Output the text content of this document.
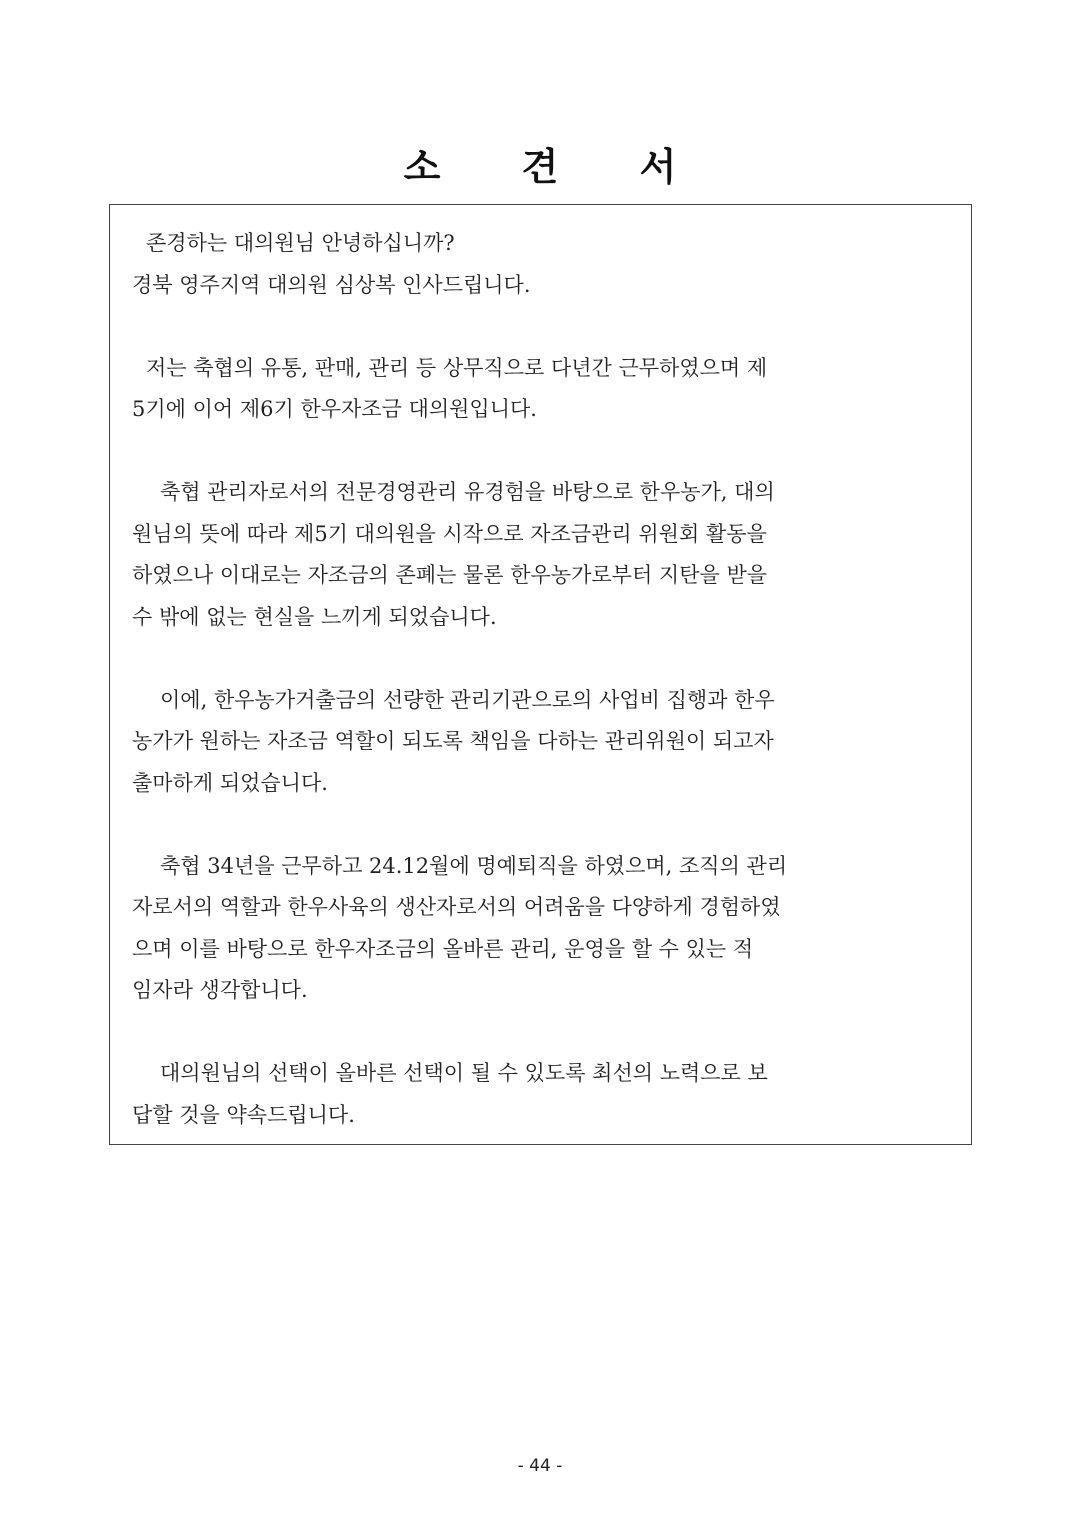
소 견 서

존경하는 대의원님 안녕하십니까?
경북 영주지역 대의원 심상복 인사드립니다.

저는 축협의 유통, 판매, 관리 등 상무직으로 다년간 근무하였으며 제
5기에 이어 제6기 한우자조금 대의원입니다.

축협 관리자로서의 전문경영관리 유경험을 바탕으로 한우농가, 대의
원님의 뜻에 따라 제5기 대의원을 시작으로 자조금관리 위원회 활동을
하였으나 이대로는 자조금의 존폐는 물론 한우농가로부터 지탄을 받을
수 밖에 없는 현실을 느끼게 되었습니다.

이에, 한우농가거출금의 선량한 관리기관으로의 사업비 집행과 한우
농가가 원하는 자조금 역할이 되도록 책임을 다하는 관리위원이 되고자
출마하게 되었습니다.

축협 34년을 근무하고 24.12월에 명예퇴직을 하였으며, 조직의 관리
자로서의 역할과 한우사육의 생산자로서의 어려움을 다양하게 경험하였
으며 이를 바탕으로 한우자조금의 올바른 관리, 운영을 할 수 있는 적
임자라 생각합니다.

대의원님의 선택이 올바른 선택이 될 수 있도록 최선의 노력으로 보
답할 것을 약속드립니다.

- 44 -
